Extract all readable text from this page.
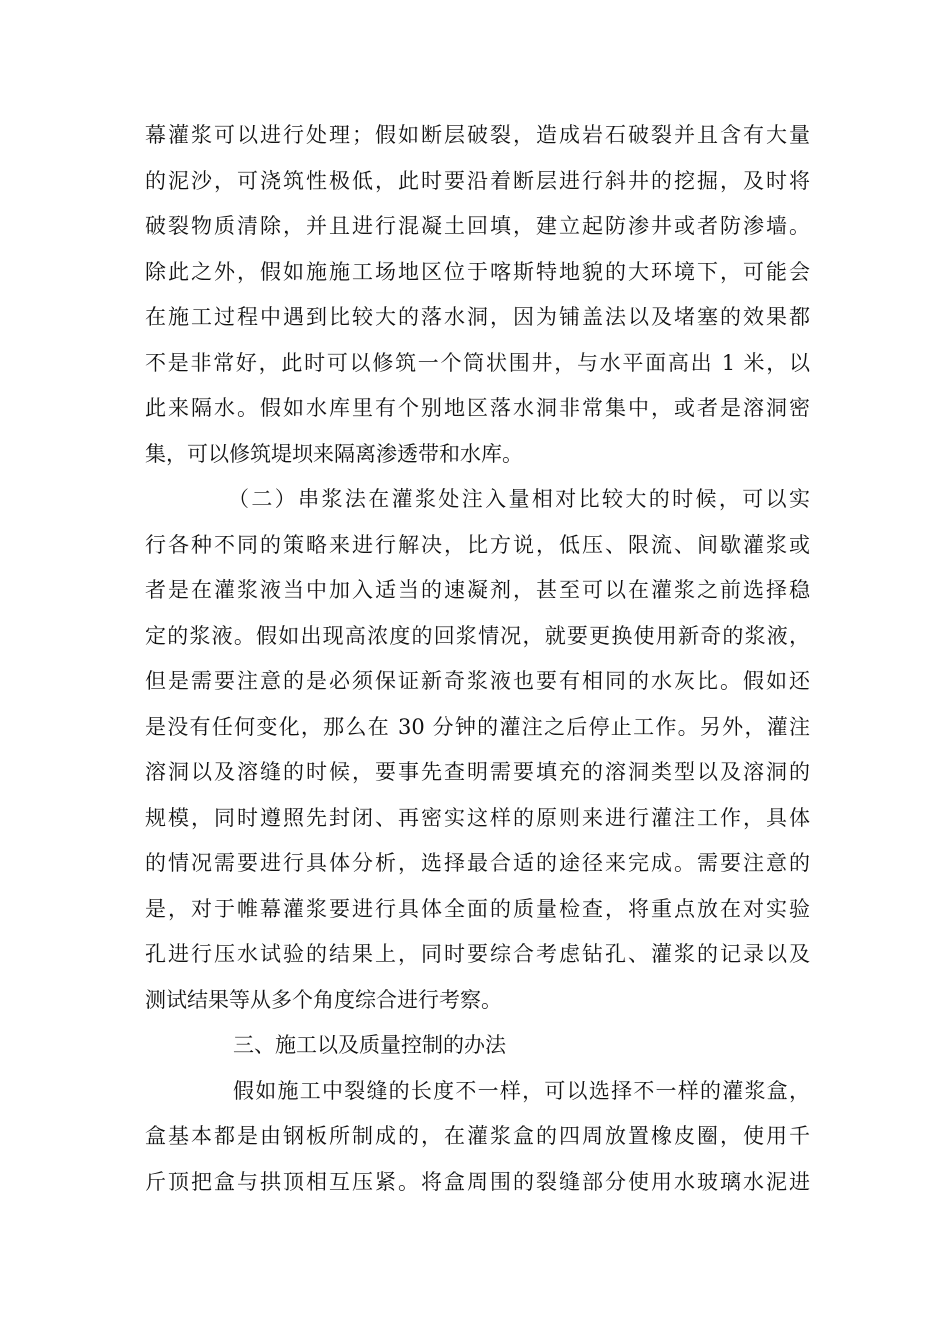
幕灌浆可以进行处理；假如断层破裂，造成岩石破裂并且含有大量
的泥沙，可浇筑性极低，此时要沿着断层进行斜井的挖掘，及时将
破裂物质清除，并且进行混凝土回填，建立起防渗井或者防渗墙。
除此之外，假如施施工场地区位于喀斯特地貌的大环境下，可能会
在施工过程中遇到比较大的落水洞，因为铺盖法以及堵塞的效果都
不是非常好，此时可以修筑一个筒状围井，与水平面高出 1 米，以
此来隔水。假如水库里有个别地区落水洞非常集中，或者是溶洞密
集，可以修筑堤坝来隔离渗透带和水库。
（二）串浆法在灌浆处注入量相对比较大的时候，可以实
行各种不同的策略来进行解决，比方说，低压、限流、间歇灌浆或
者是在灌浆液当中加入适当的速凝剂，甚至可以在灌浆之前选择稳
定的浆液。假如出现高浓度的回浆情况，就要更换使用新奇的浆液，
但是需要注意的是必须保证新奇浆液也要有相同的水灰比。假如还
是没有任何变化，那么在 30 分钟的灌注之后停止工作。另外，灌注
溶洞以及溶缝的时候，要事先查明需要填充的溶洞类型以及溶洞的
规模，同时遵照先封闭、再密实这样的原则来进行灌注工作，具体
的情况需要进行具体分析，选择最合适的途径来完成。需要注意的
是，对于帷幕灌浆要进行具体全面的质量检查，将重点放在对实验
孔进行压水试验的结果上，同时要综合考虑钻孔、灌浆的记录以及
测试结果等从多个角度综合进行考察。
三、施工以及质量控制的办法
假如施工中裂缝的长度不一样，可以选择不一样的灌浆盒，
盒基本都是由钢板所制成的，在灌浆盒的四周放置橡皮圈，使用千
斤顶把盒与拱顶相互压紧。将盒周围的裂缝部分使用水玻璃水泥进
